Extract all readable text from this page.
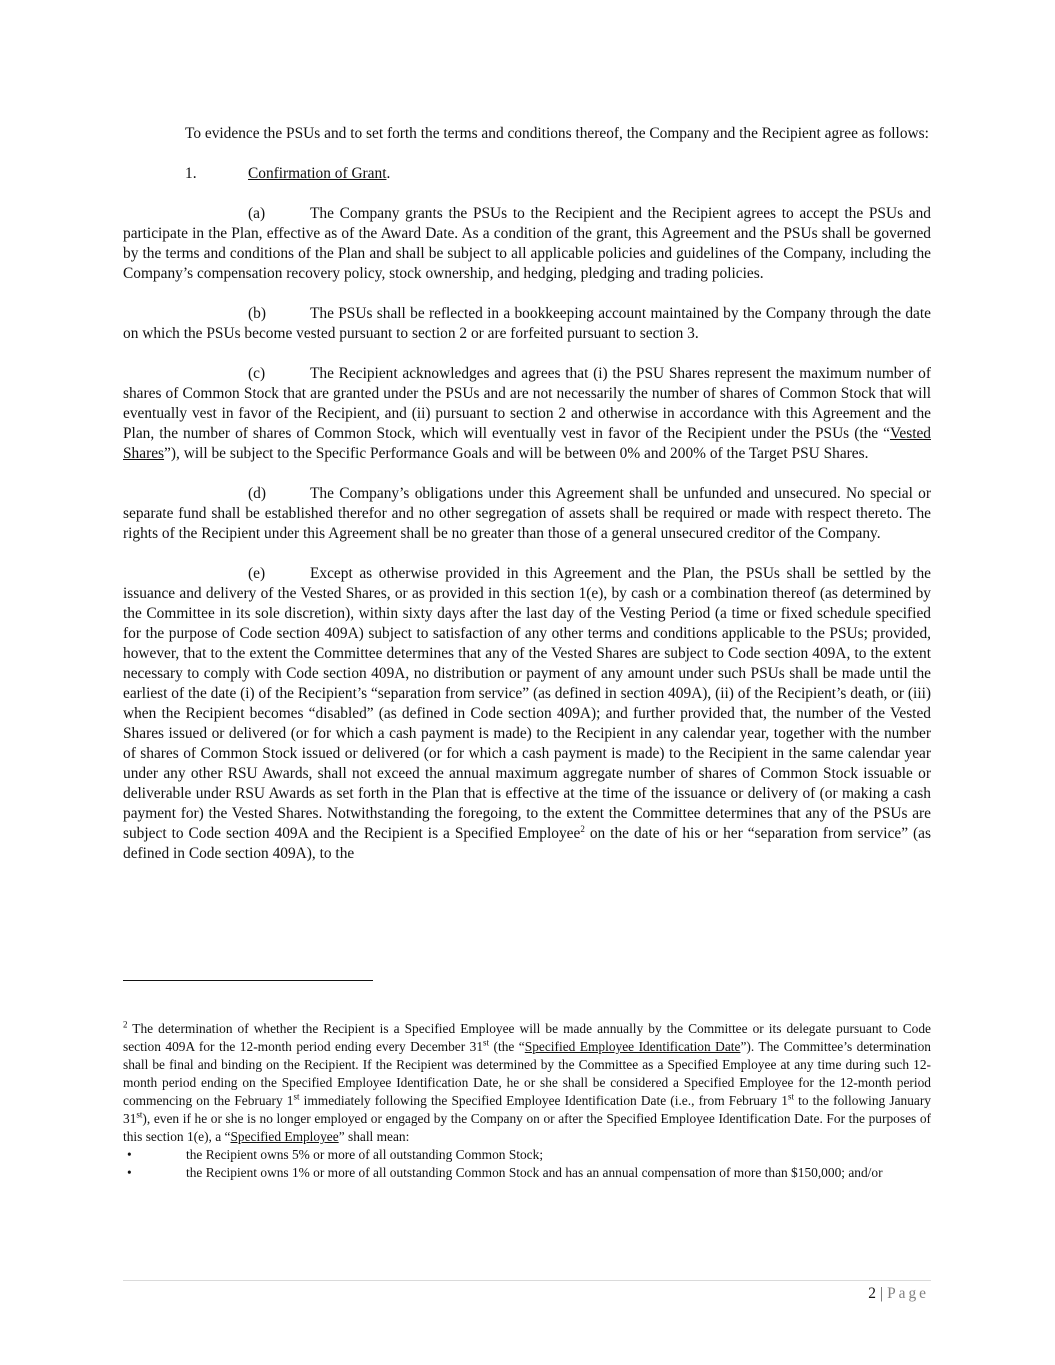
To evidence the PSUs and to set forth the terms and conditions thereof, the Company and the Recipient agree as follows:

1.	Confirmation of Grant.

(a)	The Company grants the PSUs to the Recipient and the Recipient agrees to accept the PSUs and participate in the Plan, effective as of the Award Date. As a condition of the grant, this Agreement and the PSUs shall be governed by the terms and conditions of the Plan and shall be subject to all applicable policies and guidelines of the Company, including the Company’s compensation recovery policy, stock ownership, and hedging, pledging and trading policies.

(b)	The PSUs shall be reflected in a bookkeeping account maintained by the Company through the date on which the PSUs become vested pursuant to section 2 or are forfeited pursuant to section 3.

(c)	The Recipient acknowledges and agrees that (i) the PSU Shares represent the maximum number of shares of Common Stock that are granted under the PSUs and are not necessarily the number of shares of Common Stock that will eventually vest in favor of the Recipient, and (ii) pursuant to section 2 and otherwise in accordance with this Agreement and the Plan, the number of shares of Common Stock, which will eventually vest in favor of the Recipient under the PSUs (the “Vested Shares”), will be subject to the Specific Performance Goals and will be between 0% and 200% of the Target PSU Shares.

(d)	The Company’s obligations under this Agreement shall be unfunded and unsecured. No special or separate fund shall be established therefor and no other segregation of assets shall be required or made with respect thereto. The rights of the Recipient under this Agreement shall be no greater than those of a general unsecured creditor of the Company.

(e)	Except as otherwise provided in this Agreement and the Plan, the PSUs shall be settled by the issuance and delivery of the Vested Shares, or as provided in this section 1(e), by cash or a combination thereof (as determined by the Committee in its sole discretion), within sixty days after the last day of the Vesting Period (a time or fixed schedule specified for the purpose of Code section 409A) subject to satisfaction of any other terms and conditions applicable to the PSUs; provided, however, that to the extent the Committee determines that any of the Vested Shares are subject to Code section 409A, to the extent necessary to comply with Code section 409A, no distribution or payment of any amount under such PSUs shall be made until the earliest of the date (i) of the Recipient’s “separation from service” (as defined in section 409A), (ii) of the Recipient’s death, or (iii) when the Recipient becomes “disabled” (as defined in Code section 409A); and further provided that, the number of the Vested Shares issued or delivered (or for which a cash payment is made) to the Recipient in any calendar year, together with the number of shares of Common Stock issued or delivered (or for which a cash payment is made) to the Recipient in the same calendar year under any other RSU Awards, shall not exceed the annual maximum aggregate number of shares of Common Stock issuable or deliverable under RSU Awards as set forth in the Plan that is effective at the time of the issuance or delivery of (or making a cash payment for) the Vested Shares. Notwithstanding the foregoing, to the extent the Committee determines that any of the PSUs are subject to Code section 409A and the Recipient is a Specified Employee$^2$ on the date of his or her “separation from service” (as defined in Code section 409A), to the

$^2$ The determination of whether the Recipient is a Specified Employee will be made annually by the Committee or its delegate pursuant to Code section 409A for the 12-month period ending every December 31st (the “Specified Employee Identification Date”). The Committee’s determination shall be final and binding on the Recipient. If the Recipient was determined by the Committee as a Specified Employee at any time during such 12-month period ending on the Specified Employee Identification Date, he or she shall be considered a Specified Employee for the 12-month period commencing on the February 1st immediately following the Specified Employee Identification Date (i.e., from February 1st to the following January 31st), even if he or she is no longer employed or engaged by the Company on or after the Specified Employee Identification Date. For the purposes of this section 1(e), a “Specified Employee” shall mean:

•	the Recipient owns 5% or more of all outstanding Common Stock;
•	the Recipient owns 1% or more of all outstanding Common Stock and has an annual compensation of more than $150,000; and/or
2 | Page
